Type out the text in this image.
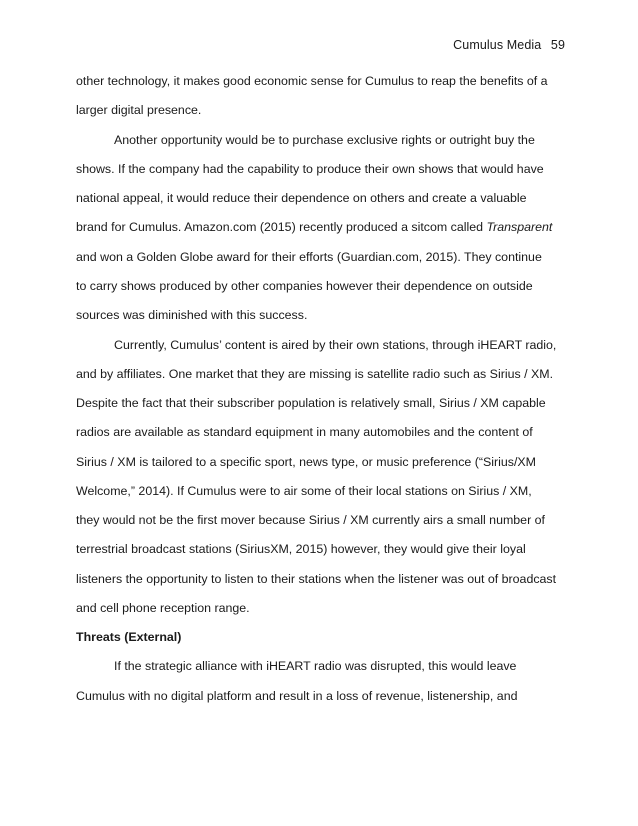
Cumulus Media 59
other technology, it makes good economic sense for Cumulus to reap the benefits of a
larger digital presence.
Another opportunity would be to purchase exclusive rights or outright buy the
shows. If the company had the capability to produce their own shows that would have
national appeal, it would reduce their dependence on others and create a valuable
brand for Cumulus. Amazon.com (2015) recently produced a sitcom called Transparent
and won a Golden Globe award for their efforts (Guardian.com, 2015). They continue
to carry shows produced by other companies however their dependence on outside
sources was diminished with this success.
Currently, Cumulus’ content is aired by their own stations, through iHEART radio,
and by affiliates. One market that they are missing is satellite radio such as Sirius / XM.
Despite the fact that their subscriber population is relatively small, Sirius / XM capable
radios are available as standard equipment in many automobiles and the content of
Sirius / XM is tailored to a specific sport, news type, or music preference (“Sirius/XM
Welcome,” 2014). If Cumulus were to air some of their local stations on Sirius / XM,
they would not be the first mover because Sirius / XM currently airs a small number of
terrestrial broadcast stations (SiriusXM, 2015) however, they would give their loyal
listeners the opportunity to listen to their stations when the listener was out of broadcast
and cell phone reception range.
Threats (External)
If the strategic alliance with iHEART radio was disrupted, this would leave
Cumulus with no digital platform and result in a loss of revenue, listenership, and
